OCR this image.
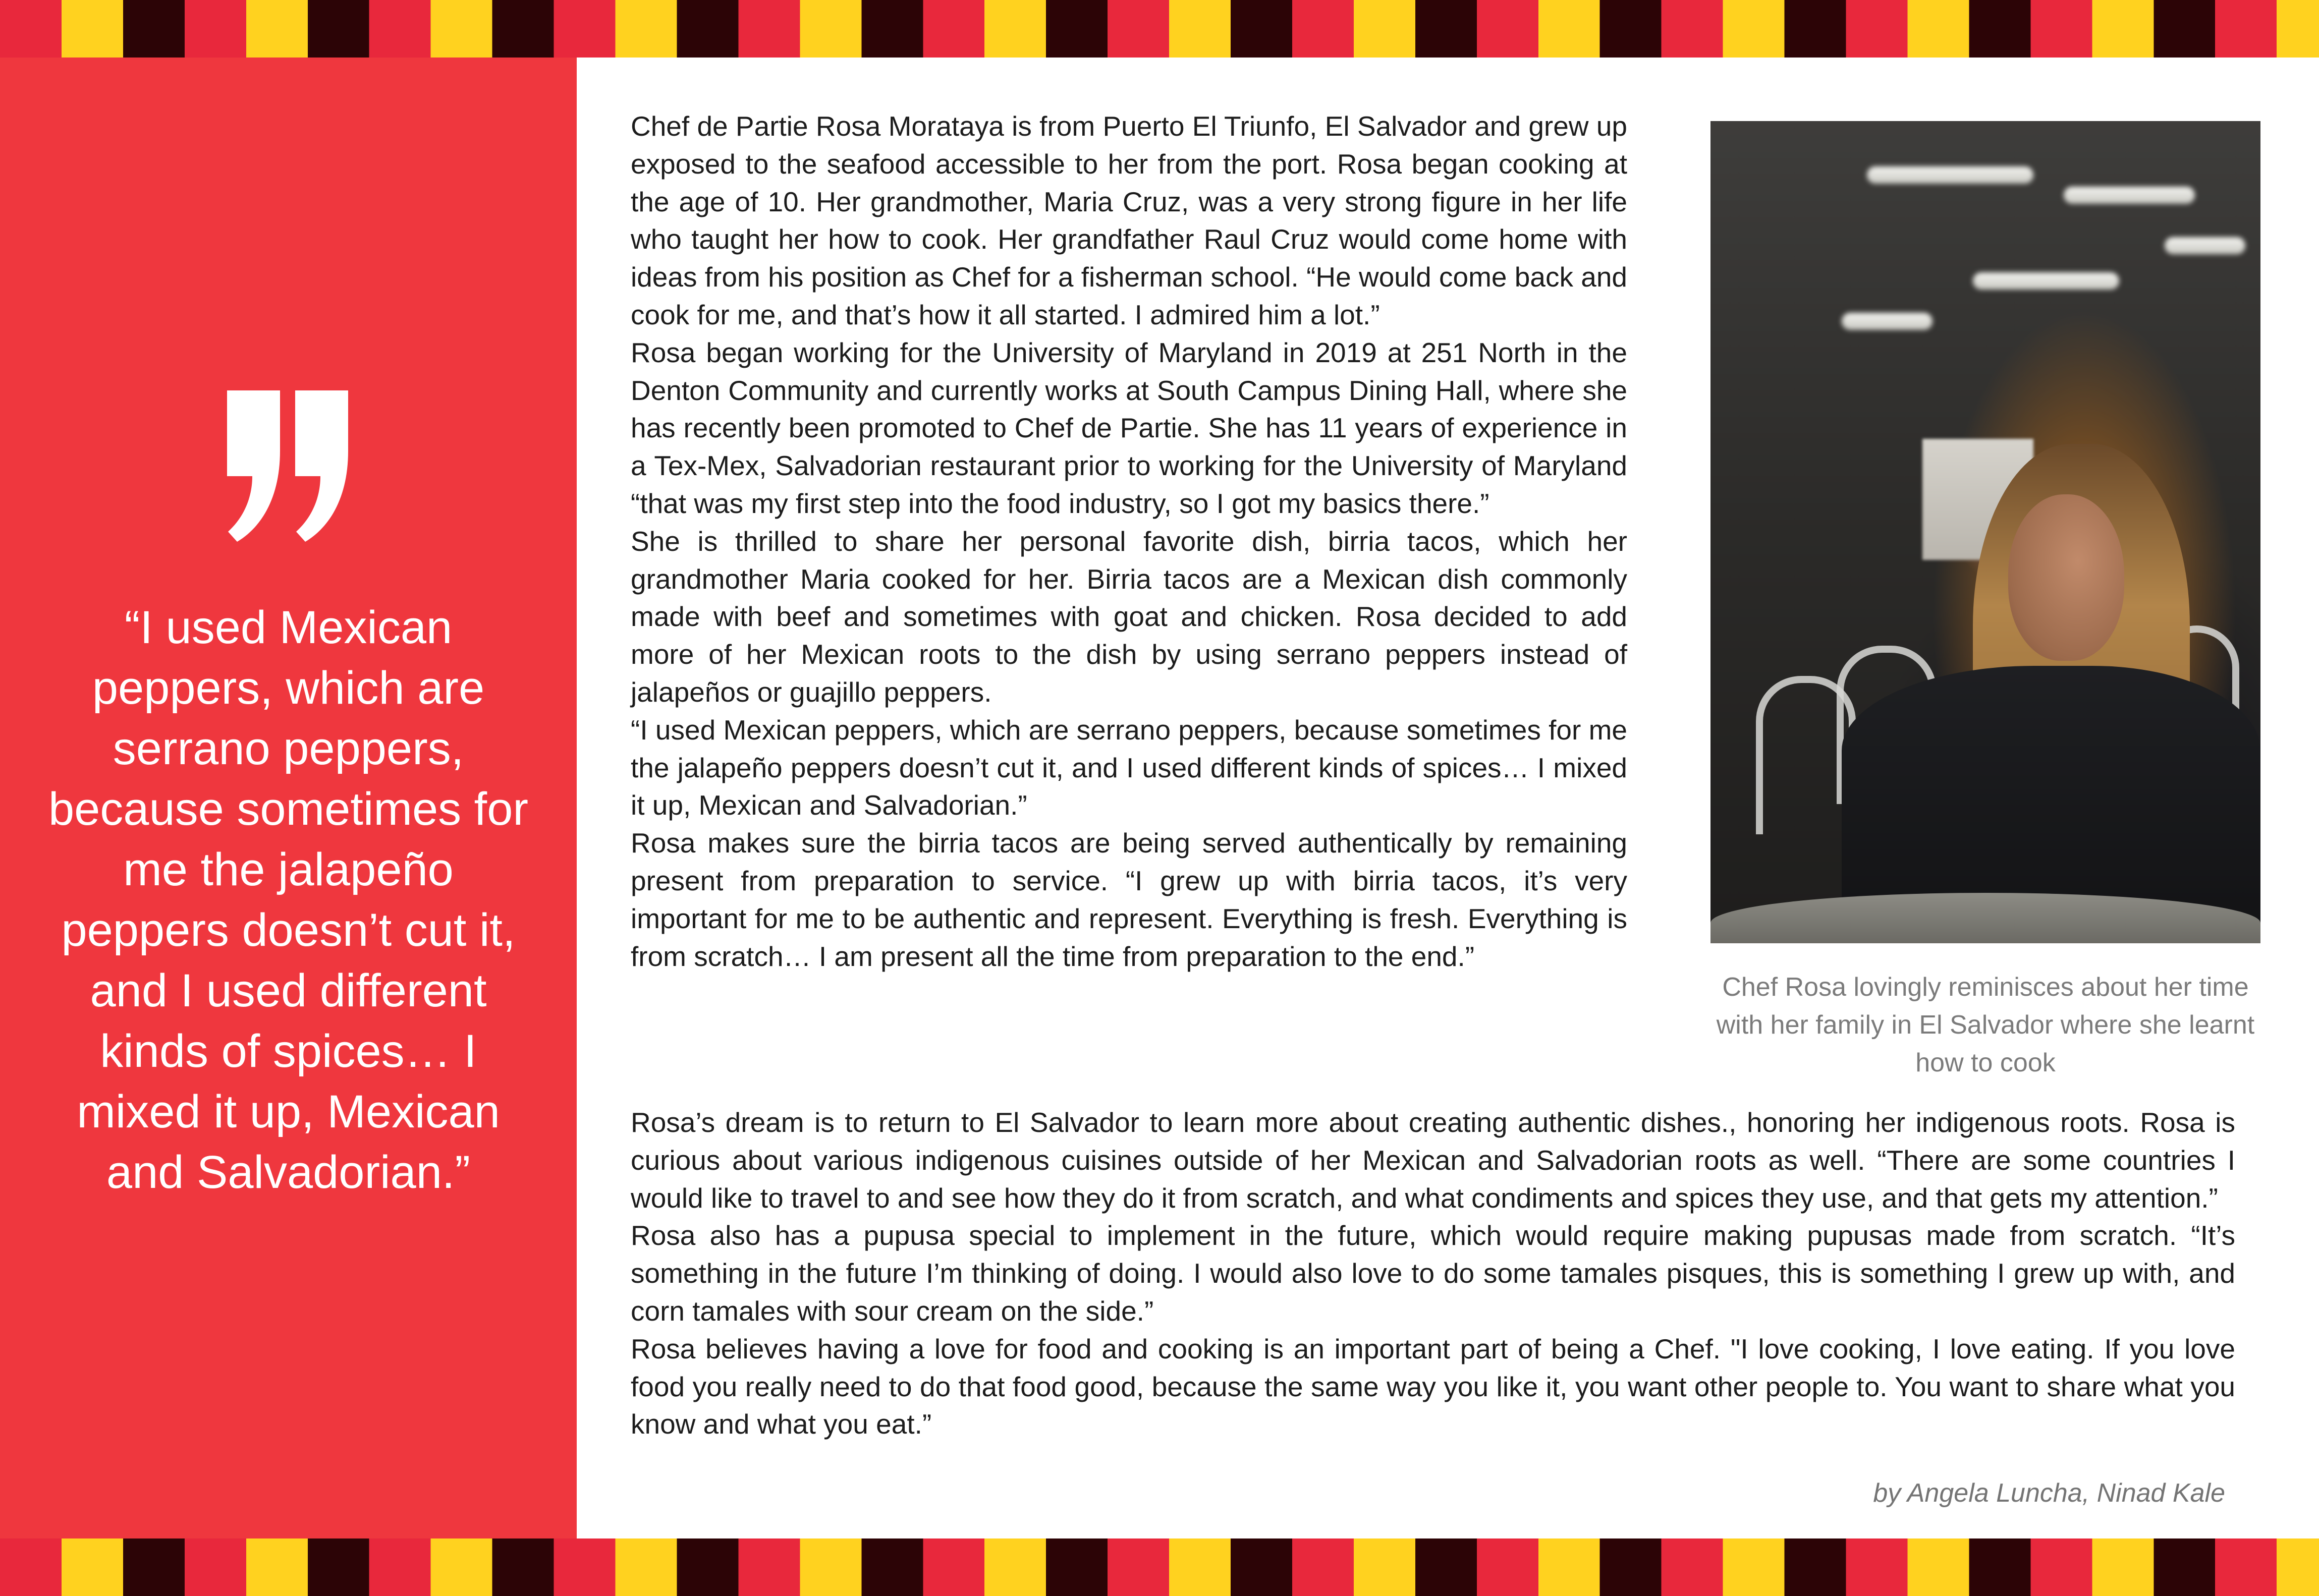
“I used Mexican peppers, which are serrano peppers, because sometimes for me the jalapeño peppers doesn’t cut it, and I used different kinds of spices… I mixed it up, Mexican and Salvadorian.”

Chef de Partie Rosa Morataya is from Puerto El Triunfo, El Salvador and grew up exposed to the seafood accessible to her from the port. Rosa began cooking at the age of 10. Her grandmother, Maria Cruz, was a very strong figure in her life who taught her how to cook. Her grandfather Raul Cruz would come home with ideas from his position as Chef for a fisherman school. “He would come back and cook for me, and that’s how it all started. I admired him a lot.”

Rosa began working for the University of Maryland in 2019 at 251 North in the Denton Community and currently works at South Campus Dining Hall, where she has recently been promoted to Chef de Partie. She has 11 years of experience in a Tex-Mex, Salvadorian restaurant prior to working for the University of Maryland “that was my first step into the food industry, so I got my basics there.”

She is thrilled to share her personal favorite dish, birria tacos, which her grandmother Maria cooked for her. Birria tacos are a Mexican dish commonly made with beef and sometimes with goat and chicken. Rosa decided to add more of her Mexican roots to the dish by using serrano peppers instead of jalapeños or guajillo peppers.

“I used Mexican peppers, which are serrano peppers, because sometimes for me the jalapeño peppers doesn’t cut it, and I used different kinds of spices… I mixed it up, Mexican and Salvadorian.”

Rosa makes sure the birria tacos are being served authentically by remaining present from preparation to service. “I grew up with birria tacos, it’s very important for me to be authentic and represent. Everything is fresh. Everything is from scratch… I am present all the time from preparation to the end.”

Chef Rosa lovingly reminisces about her time with her family in El Salvador where she learnt how to cook

Rosa’s dream is to return to El Salvador to learn more about creating authentic dishes., honoring her indigenous roots. Rosa is curious about various indigenous cuisines outside of her Mexican and Salvadorian roots as well. “There are some countries I would like to travel to and see how they do it from scratch, and what condiments and spices they use, and that gets my attention.”

Rosa also has a pupusa special to implement in the future, which would require making pupusas made from scratch. “It’s something in the future I’m thinking of doing. I would also love to do some tamales pisques, this is something I grew up with, and corn tamales with sour cream on the side.”

Rosa believes having a love for food and cooking is an important part of being a Chef. "I love cooking, I love eating. If you love food you really need to do that food good, because the same way you like it, you want other people to. You want to share what you know and what you eat.”

by Angela Luncha, Ninad Kale
